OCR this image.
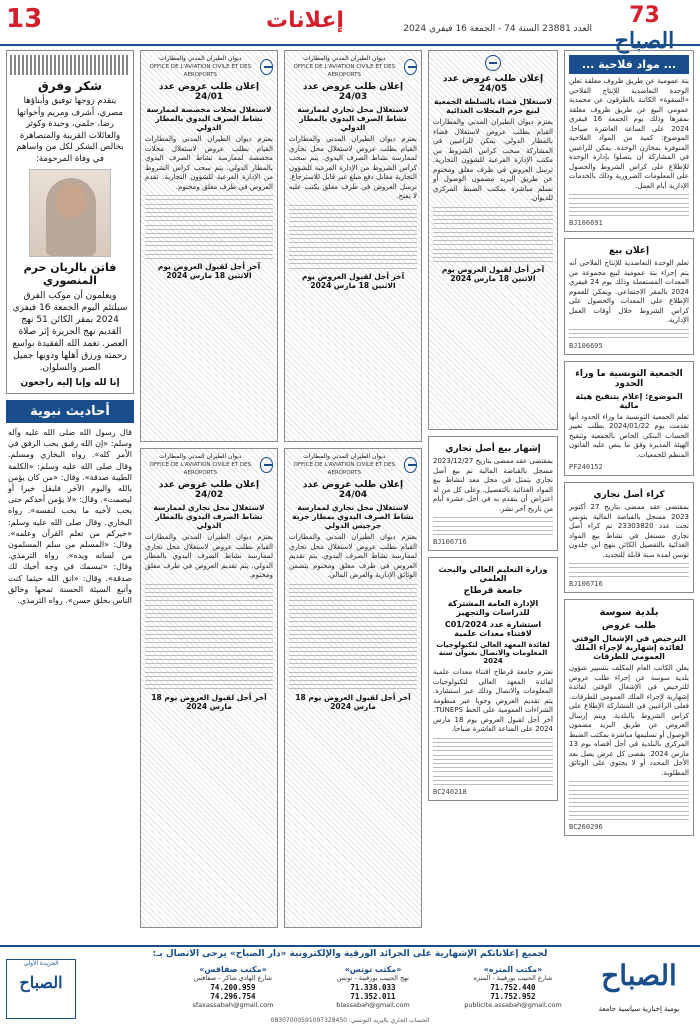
13	إعلانات	73 الصباح
العدد 23881 السنة 74 - الجمعة 16 فيفري 2024
... مواد فلاحية ...
بتة عمومية عن طريق ظروف مغلقة تعلن الوحدة التعاضدية للإنتاج الفلاحي «السقوة» الكائنة بالطرقون عن محمدية عمومي البيع عن طريق ظروف مغلقة بمقرها وذلك يوم الجمعة 16 فيفري 2024 على الساعة العاشرة صباحا. الموضوع: كمية من المواد الفلاحية المتوفرة بمخازن الوحدة. يمكن للراغبين في المشاركة أن يتصلوا بإدارة الوحدة للإطلاع على كراس الشروط والحصول على المعلومات الضرورية وذلك بالخدمات الإدارية أيام العمل.
BJ106691
إعلان بيع
تعلم الوحدة التعاضدية للإنتاج الفلاحي أنه يتم إجراء بتة عمومية لبيع مجموعة من المعدات المستعملة وذلك يوم 24 فيفري 2024 بالمقر الاجتماعي. ويمكن للعموم الإطلاع على المعدات والحصول على كراس الشروط خلال أوقات العمل الإدارية.
BJ106695
الجمعية التونسية ما وراء الحدود
الموضوع: إعلام بتنقيح هيئة مالية
تعلم الجمعية التونسية ما وراء الحدود أنها تقدمت يوم 2024/01/22 بطلب تغيير الحساب البنكي الخاص بالجمعية وتنقيح الهيئة المديرة وفق ما ينص عليه القانون المنظم للجمعيات.
PF240152
كراء أصل تجاري
بمقتضى عقد ممضى بتاريخ 27 أكتوبر 2023 مسجل بالقباضة المالية بتونس تحت عدد 23303820 تم كراء أصل تجاري مستغل في نشاط بيع المواد الغذائية بالتفصيل الكائن بنهج ابن خلدون تونس لمدة سنة قابلة للتجديد.
BJ106716
بلدية سوسة
طلب عروض
الترخيص في الإشغال الوقتي لفائدة إشهارية لإجراء الملك العمومي للطرقات
يعلن الكاتب العام المكلف بتسيير شؤون بلدية سوسة عن إجراء طلب عروض للترخيص في الإشغال الوقتي لفائدة إشهارية لإجراء الملك العمومي للطرقات. فعلى الراغبين في المشاركة الإطلاع على كراس الشروط بالبلدية. ويتم إرسال العروض عن طريق البريد مضمون الوصول أو تسليمها مباشرة بمكتب الضبط المركزي بالبلدية في أجل أقصاه يوم 13 مارس 2024. يقصى كل عرض يصل بعد الأجل المحدد أو لا يحتوي على الوثائق المطلوبة.
BC260296
إعلان طلب عروض عدد 24/05
لاستغلال فضاء بالسلطة الجمعية لبيع حزم المحلات الغذائية
يعتزم ديوان الطيران المدني والمطارات القيام بطلب عروض لاستغلال فضاء بالمطار الدولي. يمكن للراغبين في المشاركة سحب كراس الشروط من مكتب الإدارة الفرعية للشؤون التجارية. ترسل العروض في ظرف مغلق ومختوم عن طريق البريد مضمون الوصول أو تسلم مباشرة بمكتب الضبط المركزي للديوان.
آخر أجل لقبول العروض يوم الاثنين 18 مارس 2024
إشهار بيع أصل تجاري
بمقتضى عقد ممضى بتاريخ 2023/12/27 مسجل بالقباضة المالية تم بيع أصل تجاري يتمثل في محل معد لنشاط بيع المواد الغذائية بالتفصيل. وعلى كل من له اعتراض أن يتقدم به في أجل عشرة أيام من تاريخ آخر نشر.
BJ106716
وزارة التعليم العالي والبحث العلمي
جامعة قرطاج
الإدارة العامة المشتركة للدراسات والتجهيز
استشارة عدد 2024/C01 لاقتناء معدات علمية
لفائدة المعهد العالي لتكنولوجيات المعلومات والاتصال بعنوان سنة 2024
تعتزم جامعة قرطاج اقتناء معدات علمية لفائدة المعهد العالي لتكنولوجيات المعلومات والاتصال وذلك عبر استشارة. يتم تقديم العروض وجوبا عبر منظومة الشراءات العمومية على الخط TUNEPS. آخر أجل لقبول العروض يوم 18 مارس 2024 على الساعة العاشرة صباحا.
BC240218
ديوان الطيران المدني والمطارات
OFFICE DE L'AVIATION CIVILE ET DES AEROPORTS
إعلان طلب عروض عدد 24/03
لاستغلال محل تجاري لممارسة نشاط الصرف اليدوي بالمطار الدولي
يعتزم ديوان الطيران المدني والمطارات القيام بطلب عروض لاستغلال محل تجاري لممارسة نشاط الصرف اليدوي. يتم سحب كراس الشروط من الإدارة الفرعية للشؤون التجارية مقابل دفع مبلغ غير قابل للاسترجاع. ترسل العروض في ظرف مغلق يكتب عليه لا يفتح.
آخر أجل لقبول العروض يوم الاثنين 18 مارس 2024
ديوان الطيران المدني والمطارات
OFFICE DE L'AVIATION CIVILE ET DES AEROPORTS
إعلان طلب عروض عدد 24/04
لاستغلال محل تجاري لممارسة نشاط الصرف اليدوي بمطار جربة جرجيس الدولي
يعتزم ديوان الطيران المدني والمطارات القيام بطلب عروض لاستغلال محل تجاري لممارسة نشاط الصرف اليدوي. يتم تقديم العروض في ظرف مغلق ومختوم يتضمن الوثائق الإدارية والعرض المالي.
آخر أجل لقبول العروض يوم 18 مارس 2024
ديوان الطيران المدني والمطارات
OFFICE DE L'AVIATION CIVILE ET DES AEROPORTS
إعلان طلب عروض عدد 24/01
لاستغلال محلات مخصصة لممارسة نشاط الصرف اليدوي بالمطار الدولي
يعتزم ديوان الطيران المدني والمطارات القيام بطلب عروض لاستغلال محلات مخصصة لممارسة نشاط الصرف اليدوي بالمطار الدولي. يتم سحب كراس الشروط من الإدارة الفرعية للشؤون التجارية. تقدم العروض في ظرف مغلق ومختوم.
آخر أجل لقبول العروض يوم الاثنين 18 مارس 2024
ديوان الطيران المدني والمطارات
OFFICE DE L'AVIATION CIVILE ET DES AEROPORTS
إعلان طلب عروض عدد 24/02
لاستغلال محل تجاري لممارسة نشاط الصرف اليدوي بالمطار الدولي
يعتزم ديوان الطيران المدني والمطارات القيام بطلب عروض لاستغلال محل تجاري لممارسة نشاط الصرف اليدوي بالمطار الدولي. يتم تقديم العروض في ظرف مغلق ومختوم.
آخر أجل لقبول العروض يوم 18 مارس 2024
شكر وفرق
يتقدم زوجها توفيق وأبناؤها مصري، أشرف ومريم وأخواتها رضا، حلمي، وحيدة وكوثر والعائلات القريبة والمتصاهرة بخالص الشكر لكل من واساهم في وفاة المرحومة:
فاتن بالريان حرم المنصوري
ويعلمون أن موكب الفرق سيلتئم اليوم الجمعة 16 فيفري 2024 بمقر الكائن 51 نهج القديم نهج الجزيرة إثر صلاة العصر. تغمد الله الفقيدة بواسع رحمته ورزق أهلها وذويها جميل الصبر والسلوان.
إنا لله وإنا إليه راجعون
أحاديث نبوية
قال رسول الله صلى الله عليه وآله وسلم: «إن الله رفيق يحب الرفق في الأمر كله». رواه البخاري ومسلم. وقال صلى الله عليه وسلم: «الكلمة الطيبة صدقة». وقال: «من كان يؤمن بالله واليوم الآخر فليقل خيرا أو ليصمت». وقال: «لا يؤمن أحدكم حتى يحب لأخيه ما يحب لنفسه». رواه البخاري. وقال صلى الله عليه وسلم: «خيركم من تعلم القرآن وعلمه». وقال: «المسلم من سلم المسلمون من لسانه ويده». رواه الترمذي. وقال: «تبسمك في وجه أخيك لك صدقة». وقال: «اتق الله حيثما كنت وأتبع السيئة الحسنة تمحها وخالق الناس بخلق حسن». رواه الترمذي.
لجميع إعلاناتكم الإشهارية على الجرائد الورقية والإلكترونية «دار الصباح» يرجى الاتصال بـ:
الصباح
يومية إخبارية سياسية جامعة
«مكتب المنزه»
شارع الحبيب بورقيبة - المنزه
71.752.440
71.752.952
publicite.assabah@gmail.com
«مكتب تونس»
نهج الحبيب بورقيبة - تونس
71.338.033
71.352.011
blassabah@gmail.com
«مكتب صفاقس»
شارع الهادي شاكر - صفاقس
74.200.959
74.296.754
sfaxassabah@gmail.com
الجريدة الأولى
الصباح
الحساب الجاري بالبريد التونسي: 08307000591097328450
